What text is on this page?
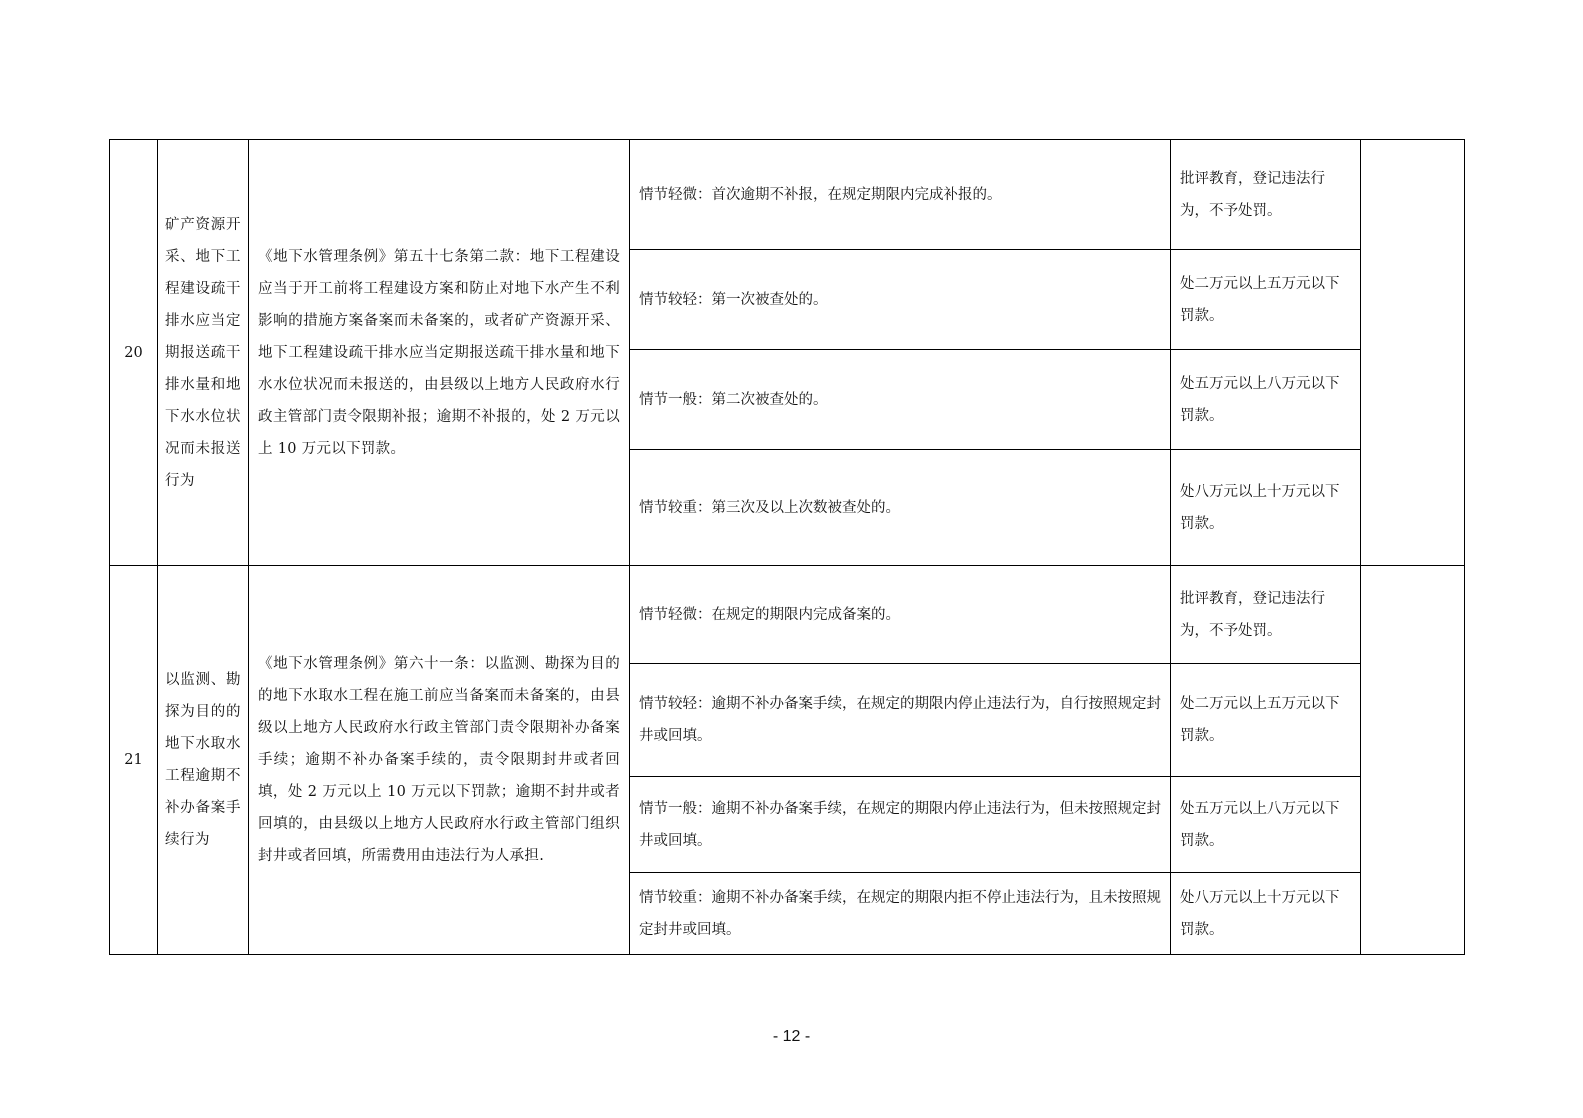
20	矿产资源开采、地下工程建设疏干排水应当定期报送疏干排水量和地下水水位状况而未报送行为	《地下水管理条例》第五十七条第二款：地下工程建设应当于开工前将工程建设方案和防止对地下水产生不利影响的措施方案备案而未备案的，或者矿产资源开采、地下工程建设疏干排水应当定期报送疏干排水量和地下水水位状况而未报送的，由县级以上地方人民政府水行政主管部门责令限期补报；逾期不补报的，处 2 万元以上 10 万元以下罚款。	情节轻微：首次逾期不补报，在规定期限内完成补报的。	批评教育，登记违法行为，不予处罚。	
			情节较轻：第一次被查处的。	处二万元以上五万元以下罚款。	
			情节一般：第二次被查处的。	处五万元以上八万元以下罚款。	
			情节较重：第三次及以上次数被查处的。	处八万元以上十万元以下罚款。	
21	以监测、勘探为目的的地下水取水工程逾期不补办备案手续行为	《地下水管理条例》第六十一条：以监测、勘探为目的的地下水取水工程在施工前应当备案而未备案的，由县级以上地方人民政府水行政主管部门责令限期补办备案手续；逾期不补办备案手续的，责令限期封井或者回填，处 2 万元以上 10 万元以下罚款；逾期不封井或者回填的，由县级以上地方人民政府水行政主管部门组织封井或者回填，所需费用由违法行为人承担.	情节轻微：在规定的期限内完成备案的。	批评教育，登记违法行为，不予处罚。	
			情节较轻：逾期不补办备案手续，在规定的期限内停止违法行为，自行按照规定封井或回填。	处二万元以上五万元以下罚款。	
			情节一般：逾期不补办备案手续，在规定的期限内停止违法行为，但未按照规定封井或回填。	处五万元以上八万元以下罚款。	
			情节较重：逾期不补办备案手续，在规定的期限内拒不停止违法行为，且未按照规定封井或回填。	处八万元以上十万元以下罚款。	
- 12 -
